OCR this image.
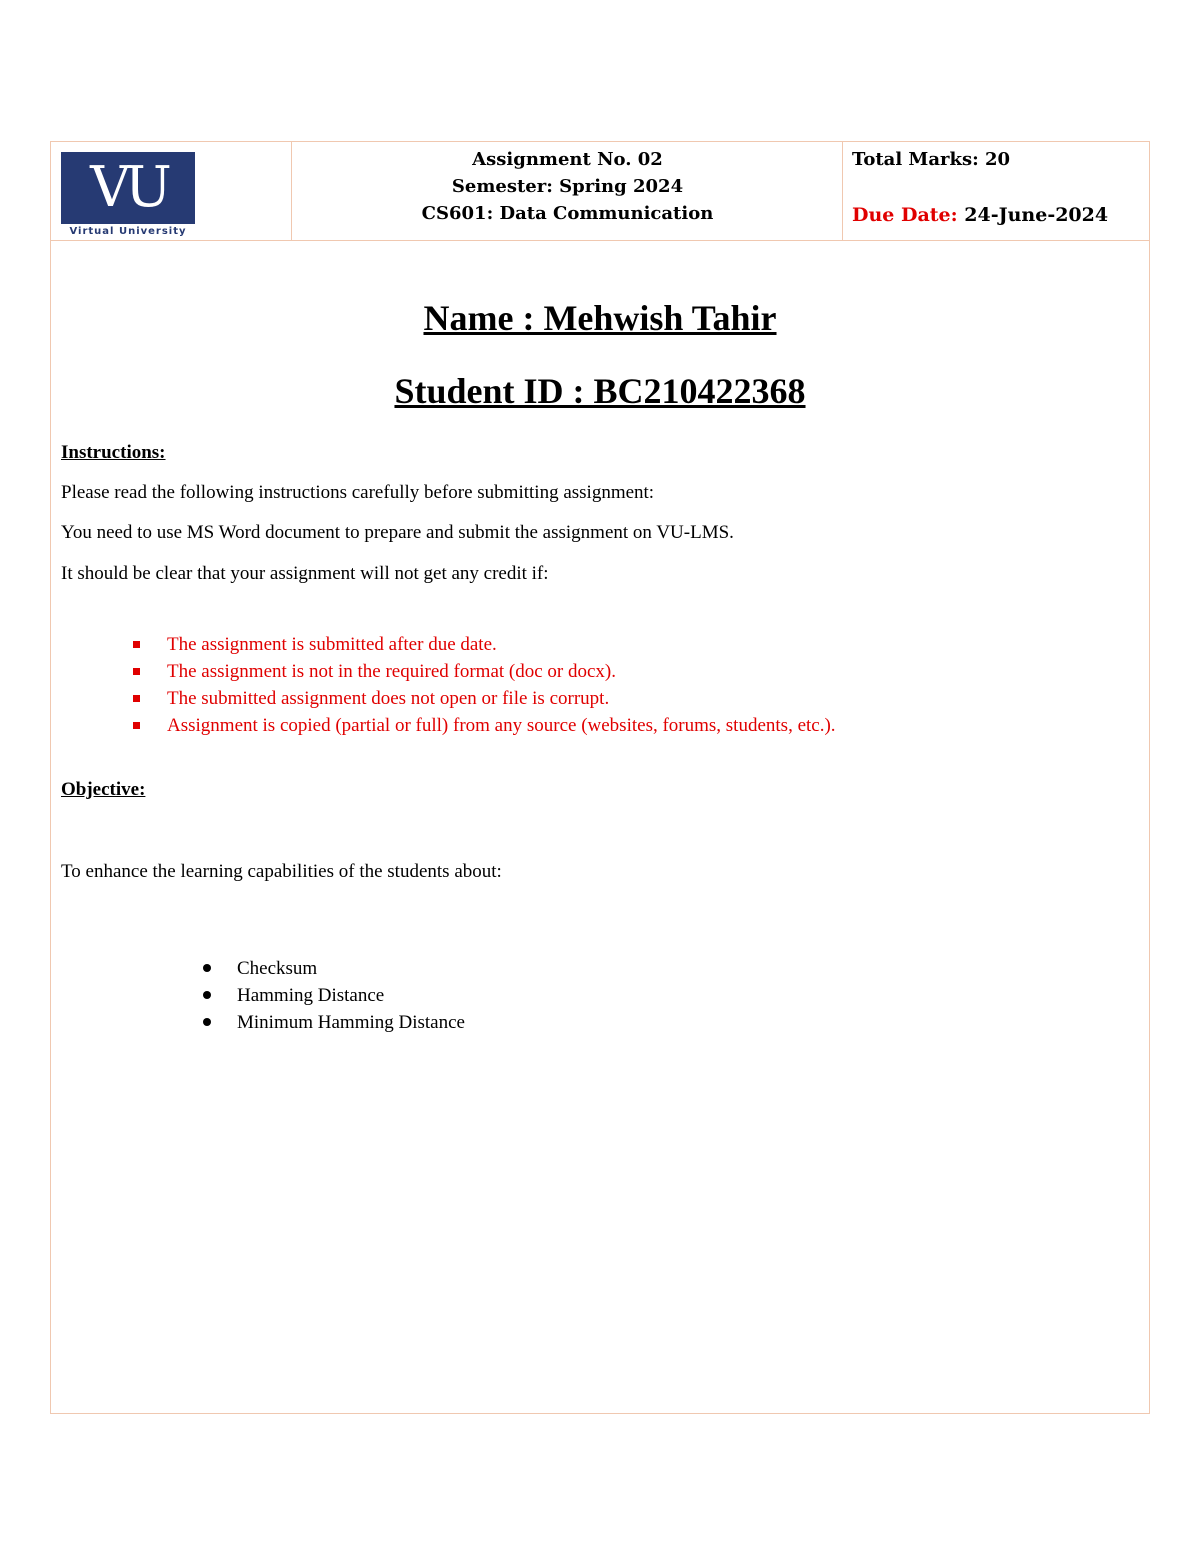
VU
Virtual University
Assignment No. 02
Semester: Spring 2024
CS601: Data Communication
Total Marks: 20
Due Date: 24-June-2024
Name : Mehwish Tahir
Student ID : BC210422368
Instructions:
Please read the following instructions carefully before submitting assignment:
You need to use MS Word document to prepare and submit the assignment on VU-LMS.
It should be clear that your assignment will not get any credit if:
The assignment is submitted after due date.
The assignment is not in the required format (doc or docx).
The submitted assignment does not open or file is corrupt.
Assignment is copied (partial or full) from any source (websites, forums, students, etc.).
Objective:
To enhance the learning capabilities of the students about:
Checksum
Hamming Distance
Minimum Hamming Distance
